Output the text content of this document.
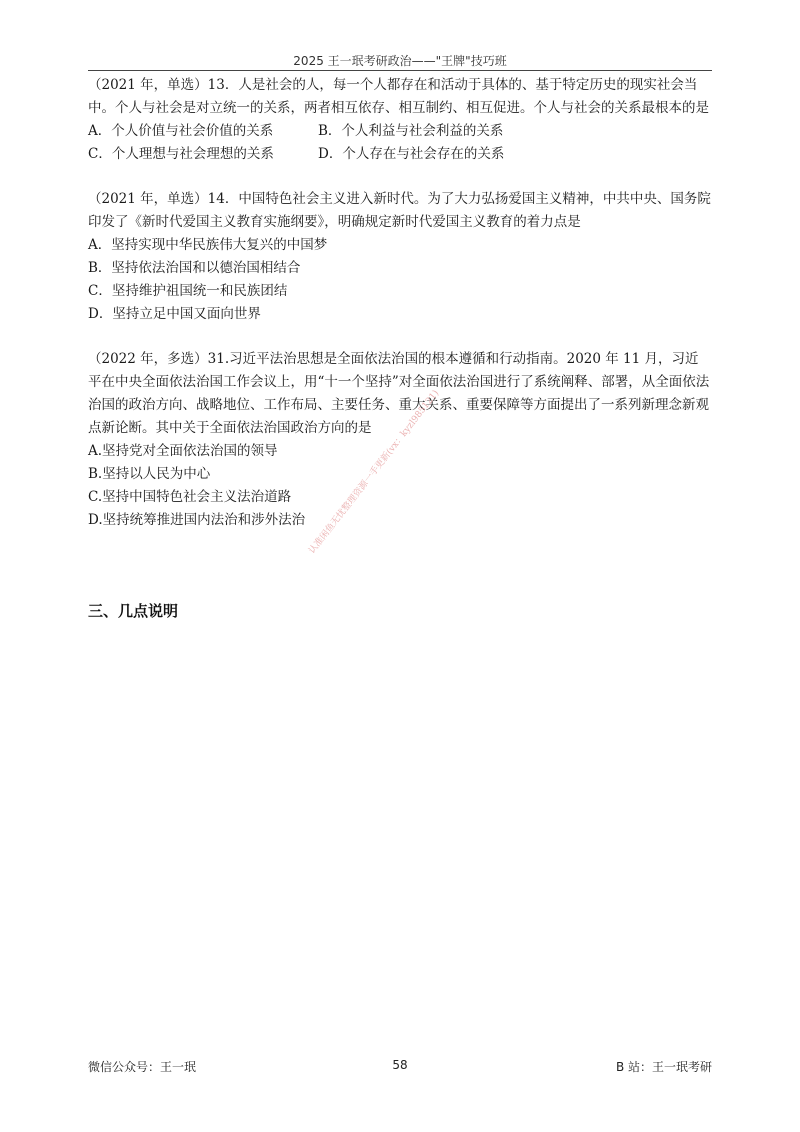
2025 王一珉考研政治——"王牌"技巧班

（2021 年，单选）13．人是社会的人，每一个人都存在和活动于具体的、基于特定历史的现实社会当中。个人与社会是对立统一的关系，两者相互依存、相互制约、相互促进。个人与社会的关系最根本的是

A．个人价值与社会价值的关系	B．个人利益与社会利益的关系
C．个人理想与社会理想的关系	D．个人存在与社会存在的关系

（2021 年，单选）14．中国特色社会主义进入新时代。为了大力弘扬爱国主义精神，中共中央、国务院印发了《新时代爱国主义教育实施纲要》，明确规定新时代爱国主义教育的着力点是

A．坚持实现中华民族伟大复兴的中国梦
B．坚持依法治国和以德治国相结合
C．坚持维护祖国统一和民族团结
D．坚持立足中国又面向世界

（2022 年，多选）31.习近平法治思想是全面依法治国的根本遵循和行动指南。2020 年 11 月，习近平在中央全面依法治国工作会议上，用“十一个坚持”对全面依法治国进行了系统阐释、部署，从全面依法治国的政治方向、战略地位、工作布局、主要任务、重大关系、重要保障等方面提出了一系列新理念新观点新论断。其中关于全面依法治国政治方向的是

A.坚持党对全面依法治国的领导
B.坚持以人民为中心
C.坚持中国特色社会主义法治道路
D.坚持统筹推进国内法治和涉外法治 认准闲鱼无忧整理资源一手更新(vx：kyzl985121)
三、几点说明
58
微信公众号：王一珉	B 站：王一珉考研
